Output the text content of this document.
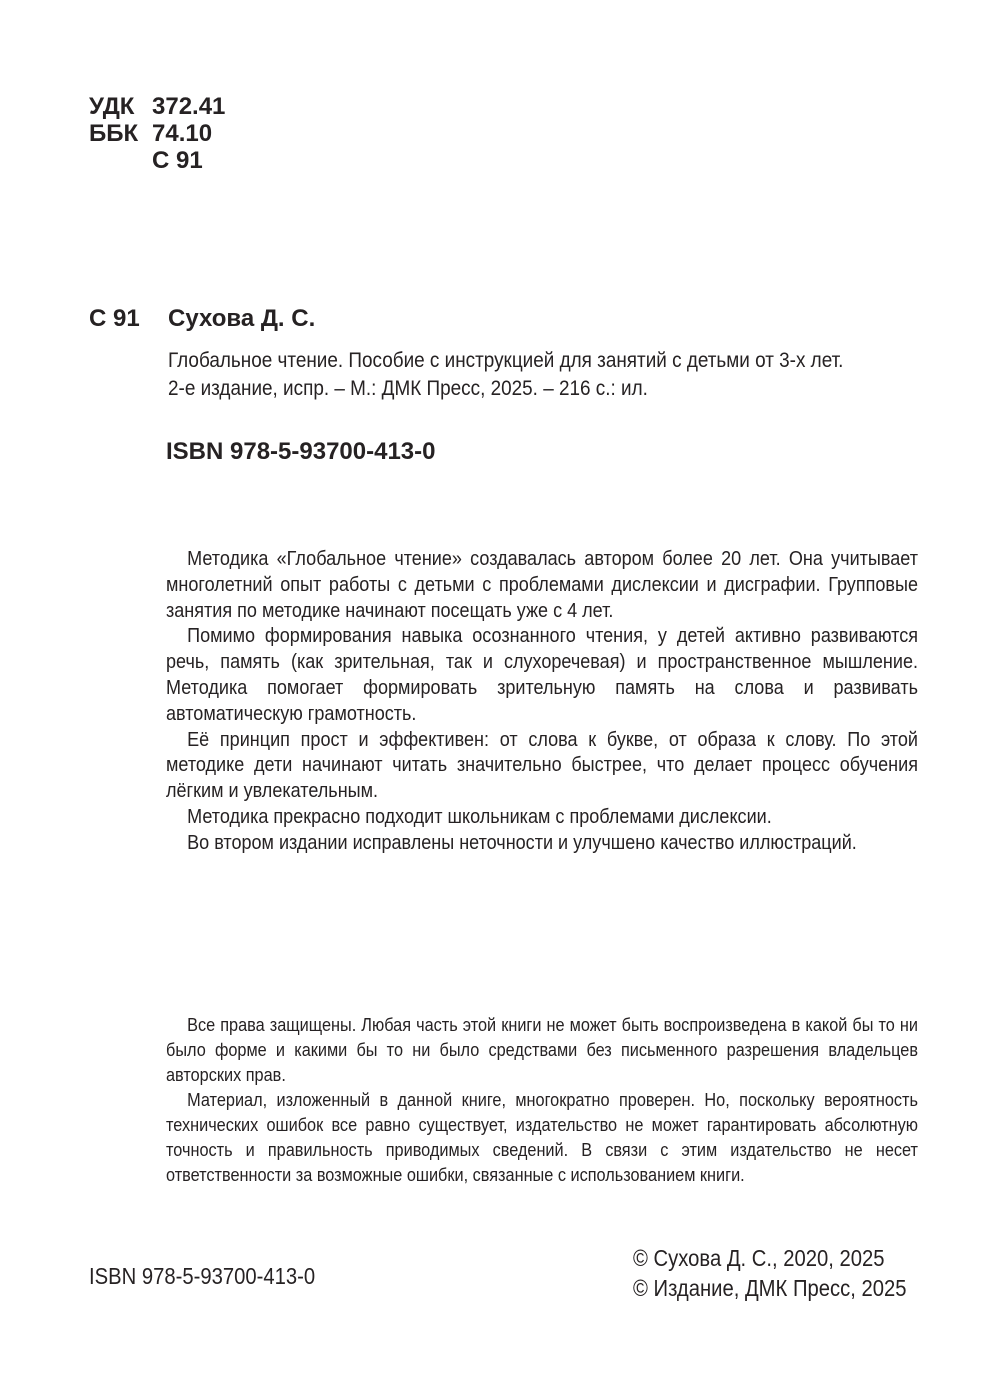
УДК 372.41
ББК 74.10
С 91
С 91	Сухова Д. С.
Глобальное чтение. Пособие с инструкцией для занятий с детьми от 3-х лет.
2-е издание, испр. – М.: ДМК Пресс, 2025. – 216 с.: ил.
ISBN 978-5-93700-413-0

Методика «Глобальное чтение» создавалась автором более 20 лет. Она учитывает многолетний опыт работы с детьми с проблемами дислексии и дисграфии. Групповые занятия по методике начинают посещать уже с 4 лет.

Помимо формирования навыка осознанного чтения, у детей активно развиваются речь, память (как зрительная, так и слухоречевая) и пространственное мышление. Методика помогает формировать зрительную память на слова и развивать автоматическую грамотность.

Её принцип прост и эффективен: от слова к букве, от образа к слову. По этой методике дети начинают читать значительно быстрее, что делает процесс обучения лёгким и увлекательным.

Методика прекрасно подходит школьникам с проблемами дислексии.

Во втором издании исправлены неточности и улучшено качество иллюстраций.

Все права защищены. Любая часть этой книги не может быть воспроизведена в какой бы то ни было форме и какими бы то ни было средствами без письменного разрешения владельцев авторских прав.

Материал, изложенный в данной книге, многократно проверен. Но, поскольку вероятность технических ошибок все равно существует, издательство не может гарантировать абсолютную точность и правильность приводимых сведений. В связи с этим издательство не несет ответственности за возможные ошибки, связанные с использованием книги.

ISBN 978-5-93700-413-0
© Сухова Д. С., 2020, 2025
© Издание, ДМК Пресс, 2025
